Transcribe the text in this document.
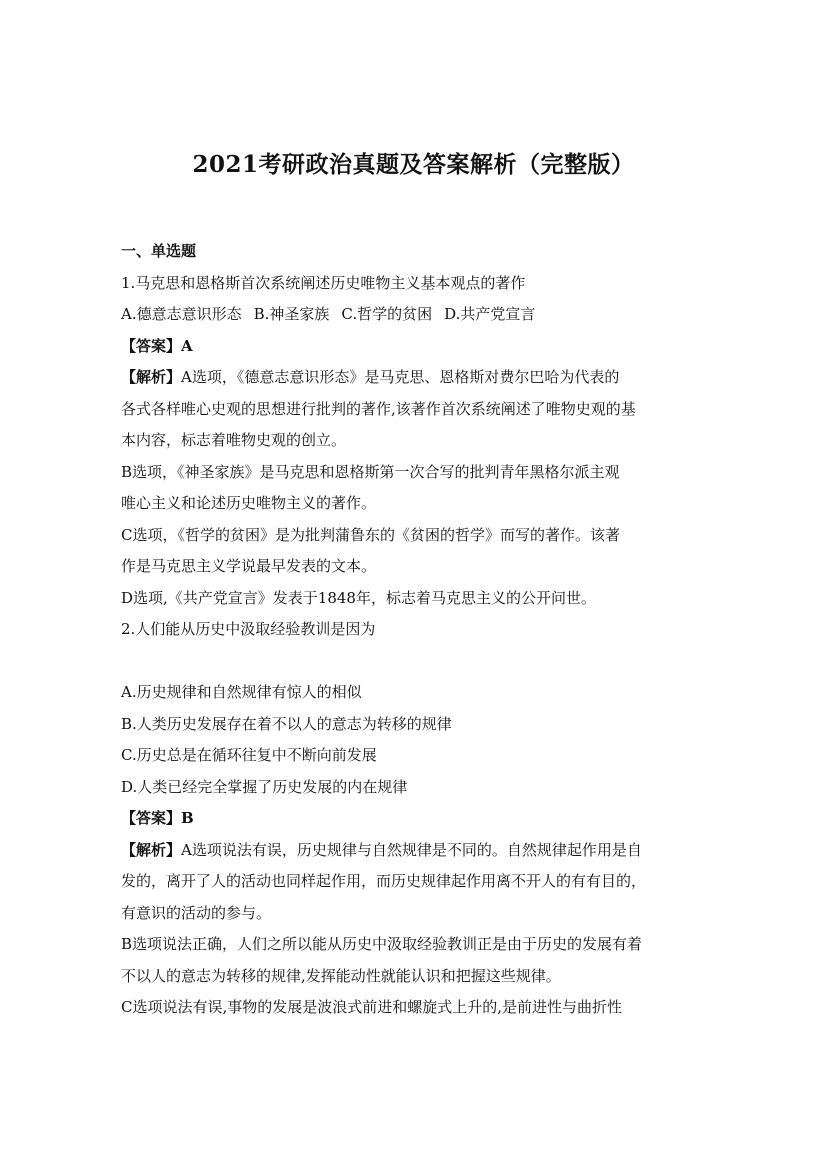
2021考研政治真题及答案解析（完整版）
一、单选题
1.马克思和恩格斯首次系统阐述历史唯物主义基本观点的著作
A.德意志意识形态 B.神圣家族 C.哲学的贫困 D.共产党宣言
【答案】A
【解析】A选项，《德意志意识形态》是马克思、恩格斯对费尔巴哈为代表的
各式各样唯心史观的思想进行批判的著作,该著作首次系统阐述了唯物史观的基
本内容，标志着唯物史观的创立。
B选项，《神圣家族》是马克思和恩格斯第一次合写的批判青年黑格尔派主观
唯心主义和论述历史唯物主义的著作。
C选项，《哲学的贫困》是为批判蒲鲁东的《贫困的哲学》而写的著作。该著
作是马克思主义学说最早发表的文本。
D选项,《共产党宣言》发表于1848年，标志着马克思主义的公开问世。
2.人们能从历史中汲取经验教训是因为
A.历史规律和自然规律有惊人的相似
B.人类历史发展存在着不以人的意志为转移的规律
C.历史总是在循环往复中不断向前发展
D.人类已经完全掌握了历史发展的内在规律
【答案】B
【解析】A选项说法有误，历史规律与自然规律是不同的。自然规律起作用是自
发的，离开了人的活动也同样起作用，而历史规律起作用离不开人的有有目的，
有意识的活动的参与。
B选项说法正确，人们之所以能从历史中汲取经验教训正是由于历史的发展有着
不以人的意志为转移的规律,发挥能动性就能认识和把握这些规律。
C选项说法有误,事物的发展是波浪式前进和螺旋式上升的,是前进性与曲折性
